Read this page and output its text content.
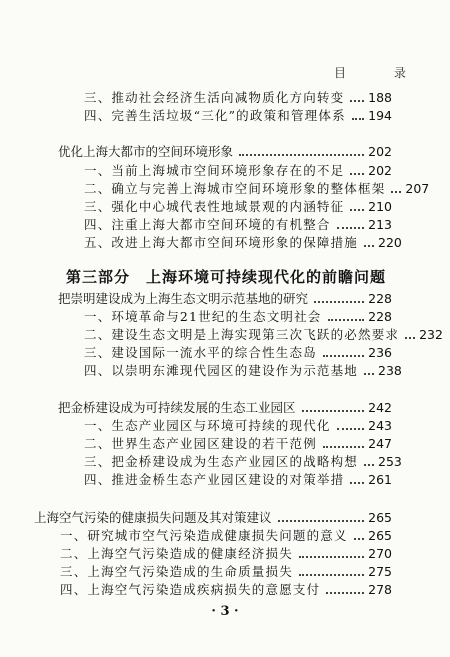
目 录
三、推动社会经济生活向减物质化方向转变 188
四、完善生活垃圾“三化”的政策和管理体系 194
优化上海大都市的空间环境形象	202
一、当前上海城市空间环境形象存在的不足 202
二、确立与完善上海城市空间环境形象的整体框架 207
三、强化中心城代表性地域景观的内涵特征 210
四、注重上海大都市空间环境的有机整合	213
五、改进上海大都市空间环境形象的保障措施 220
第三部分　上海环境可持续现代化的前瞻问题
把崇明建设成为上海生态文明示范基地的研究	228
一、环境革命与21世纪的生态文明社会	228
二、建设生态文明是上海实现第三次飞跃的必然要求 232
三、建设国际一流水平的综合性生态岛	236
四、以崇明东滩现代园区的建设作为示范基地 238
把金桥建设成为可持续发展的生态工业园区	242
一、生态产业园区与环境可持续的现代化	243
二、世界生态产业园区建设的若干范例	247
三、把金桥建设成为生态产业园区的战略构想 253
四、推进金桥生态产业园区建设的对策举措 261
上海空气污染的健康损失问题及其对策建议	265
一、研究城市空气污染造成健康损失问题的意义 265
二、上海空气污染造成的健康经济损失	270
三、上海空气污染造成的生命质量损失	275
四、上海空气污染造成疾病损失的意愿支付	278
· 3 ·
